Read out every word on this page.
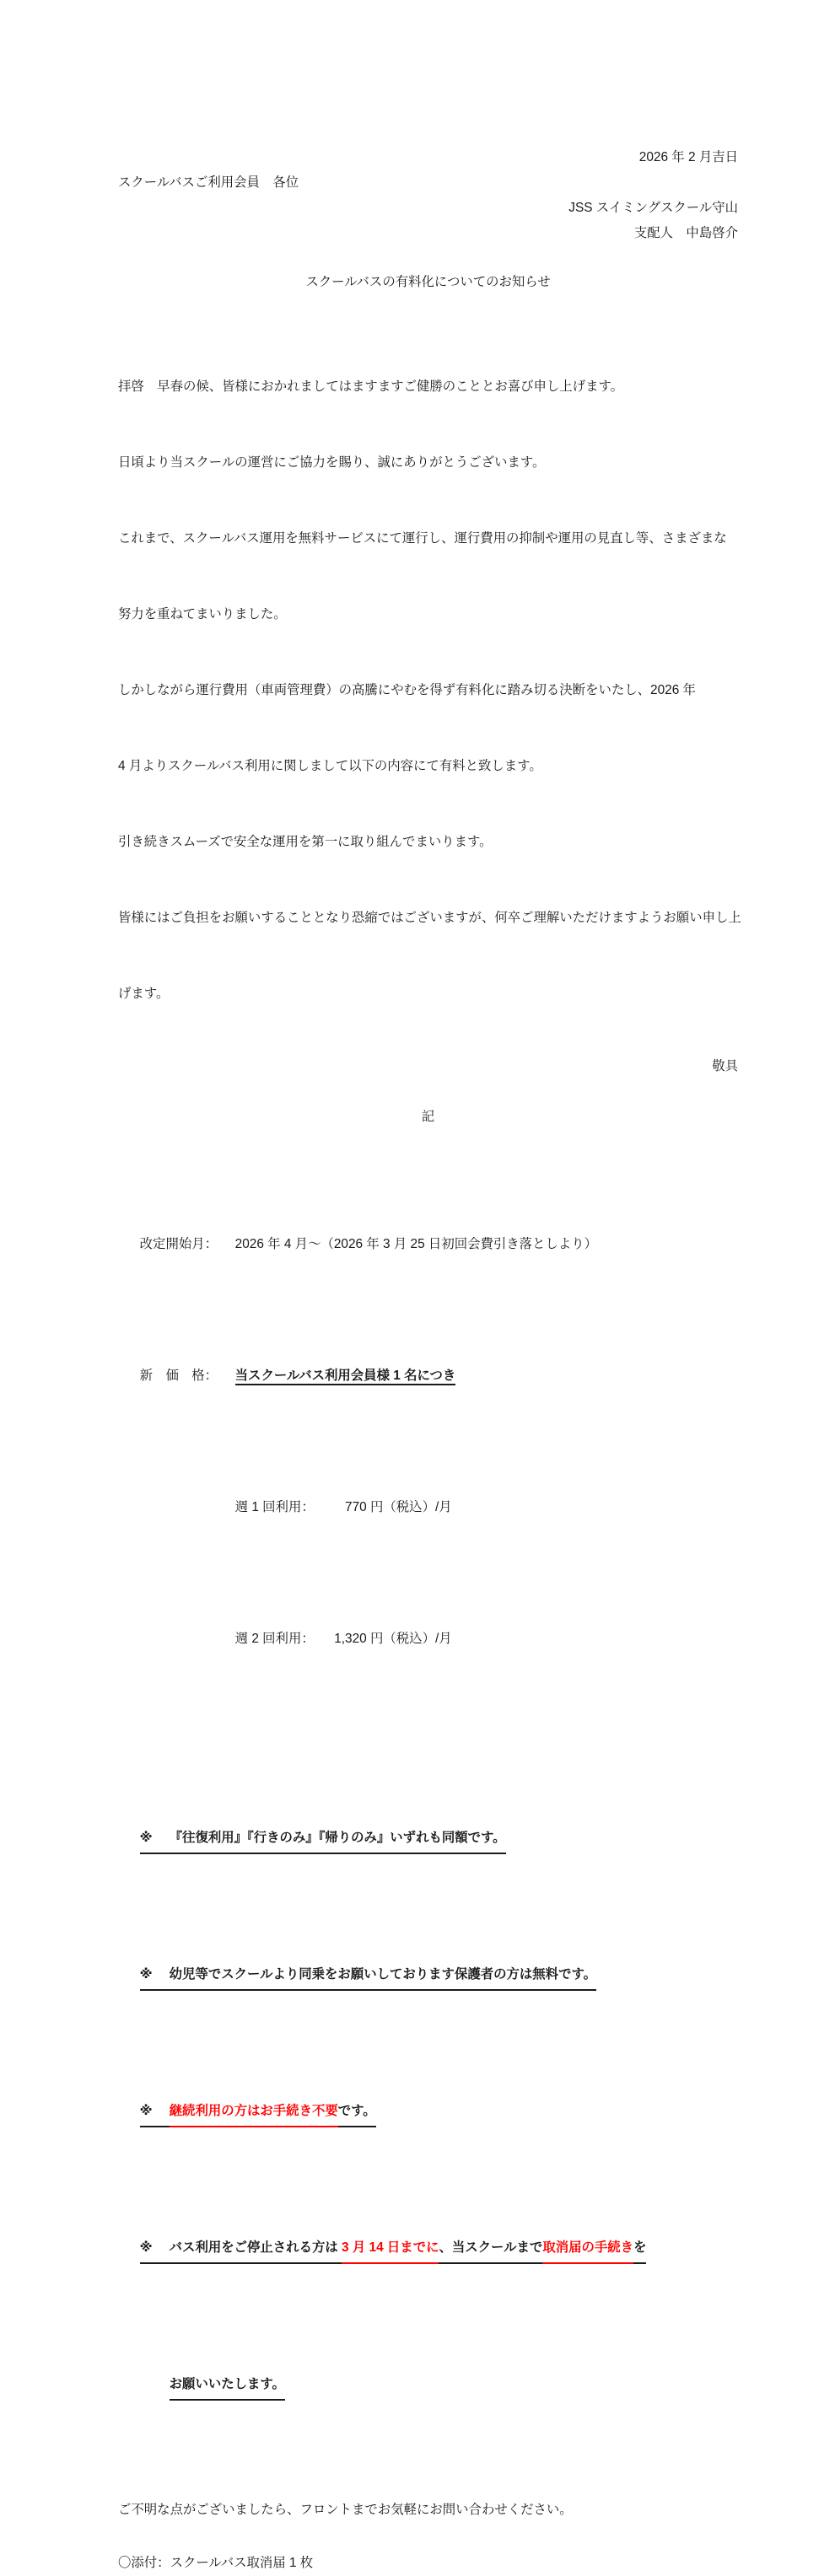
2026 年 2 月吉日
スクールバスご利用会員　各位
JSS スイミングスクール守山
支配人　中島啓介
スクールバスの有料化についてのお知らせ

拝啓　早春の候、皆様におかれましてはますますご健勝のこととお喜び申し上げます。

日頃より当スクールの運営にご協力を賜り、誠にありがとうございます。

これまで、スクールバス運用を無料サービスにて運行し、運行費用の抑制や運用の見直し等、さまざまな

努力を重ねてまいりました。

しかしながら運行費用（車両管理費）の高騰にやむを得ず有料化に踏み切る決断をいたし、2026 年

4 月よりスクールバス利用に関しまして以下の内容にて有料と致します。

引き続きスムーズで安全な運用を第一に取り組んでまいります。

皆様にはご負担をお願いすることとなり恐縮ではございますが、何卒ご理解いただけますようお願い申し上

げます。

敬具
記

改定開始月： 2026 年 4 月～（2026 年 3 月 25 日初回会費引き落としより）

新　価　格： 当スクールバス利用会員様 1 名につき

週 1 回利用： 770 円（税込）/月

週 2 回利用： 1,320 円（税込）/月

※ 『往復利用』『行きのみ』『帰りのみ』いずれも同額です。

※ 幼児等でスクールより同乗をお願いしております保護者の方は無料です。

※ 継続利用の方はお手続き不要です。

※ バス利用をご停止される方は 3 月 14 日までに、当スクールまで取消届の手続きを

お願いいたします。

ご不明な点がございましたら、フロントまでお気軽にお問い合わせください。
〇添付：スクールバス取消届 1 枚
